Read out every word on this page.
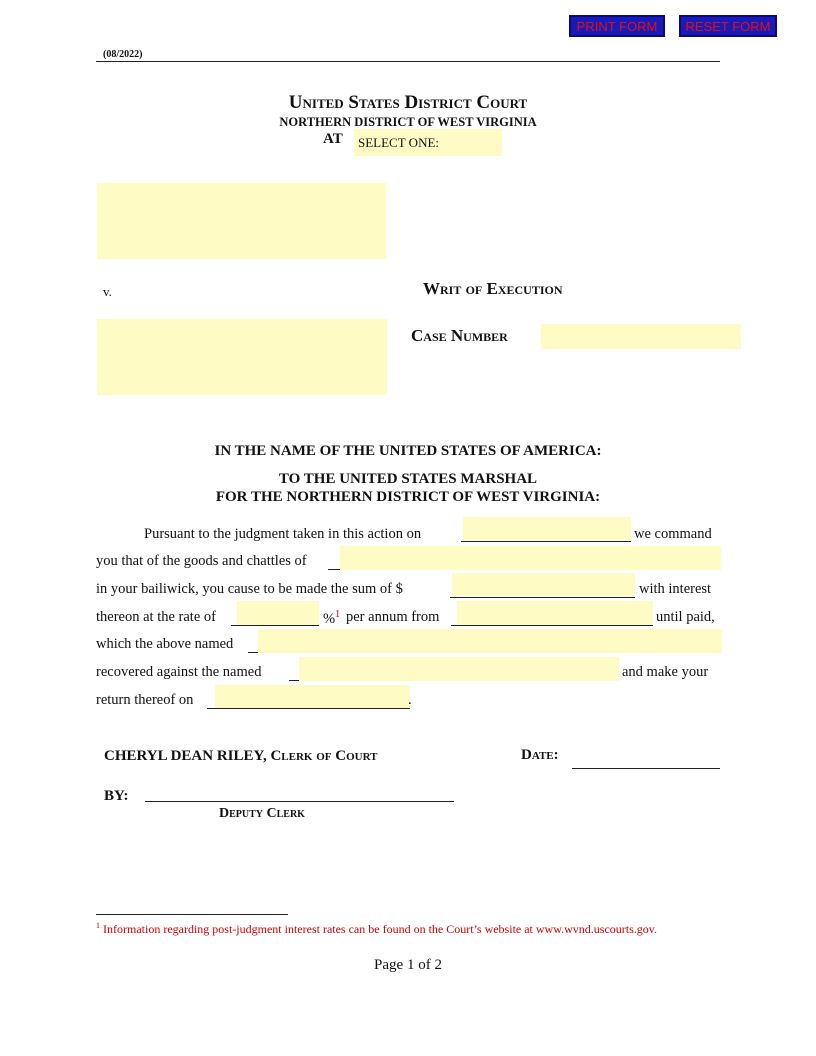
PRINT FORM	RESET FORM
(08/2022)
United States District Court
NORTHERN DISTRICT OF WEST VIRGINIA
AT SELECT ONE:
v.	Writ of Execution
Case Number
IN THE NAME OF THE UNITED STATES OF AMERICA:
TO THE UNITED STATES MARSHAL
FOR THE NORTHERN DISTRICT OF WEST VIRGINIA:
Pursuant to the judgment taken in this action on	we command
you that of the goods and chattles of
in your bailiwick, you cause to be made the sum of $	with interest
thereon at the rate of	%$^1$ per annum from	until paid,
which the above named
recovered against the named	and make your
return thereof on	.
CHERYL DEAN RILEY, Clerk of Court	Date:
BY:
Deputy Clerk
$^1$ Information regarding post-judgment interest rates can be found on the Court’s website at www.wvnd.uscourts.gov.
Page 1 of 2
